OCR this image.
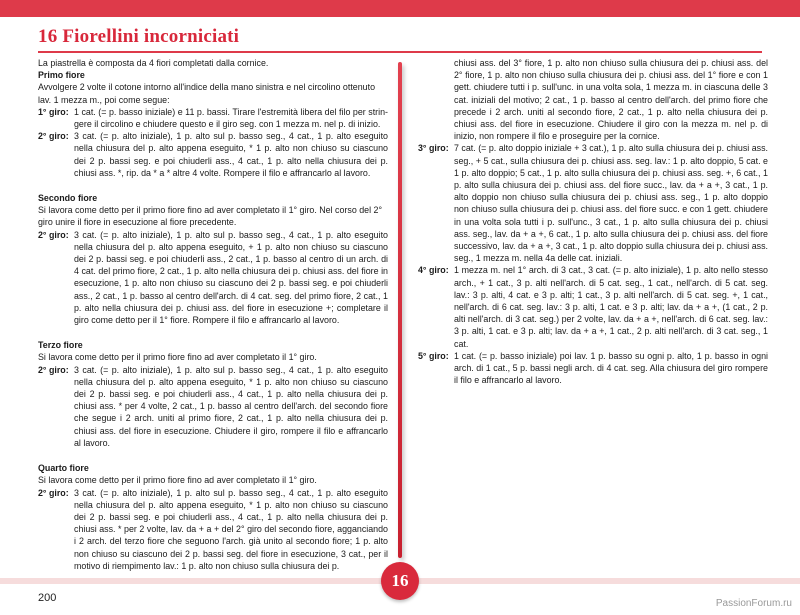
16 Fiorellini incorniciati

La piastrella è composta da 4 fiori completati dalla cornice.

Primo fiore

Avvolgere 2 volte il cotone intorno all'indice della mano sinistra e nel circolino ottenuto lav. 1 mezza m., poi come segue:

1° giro: 1 cat. (= p. basso iniziale) e 11 p. bassi. Tirare l'estremità libera del filo per stringere il circolino e chiudere questo e il giro seg. con 1 mezza m. nel p. di inizio.

2° giro: 3 cat. (= p. alto iniziale), 1 p. alto sul p. basso seg., 4 cat., 1 p. alto eseguito nella chiusura del p. alto appena eseguito, * 1 p. alto non chiuso su ciascuno dei 2 p. bassi seg. e poi chiuderli ass., 4 cat., 1 p. alto nella chiusura dei p. chiusi ass. *, rip. da * a * altre 4 volte. Rompere il filo e affrancarlo al lavoro.

Secondo fiore

Si lavora come detto per il primo fiore fino ad aver completato il 1° giro. Nel corso del 2° giro unire il fiore in esecuzione al fiore precedente.

2° giro: 3 cat. (= p. alto iniziale), 1 p. alto sul p. basso seg., 4 cat., 1 p. alto eseguito nella chiusura del p. alto appena eseguito, + 1 p. alto non chiuso su ciascuno dei 2 p. bassi seg. e poi chiuderli ass., 2 cat., 1 p. basso al centro di un arch. di 4 cat. del primo fiore, 2 cat., 1 p. alto nella chiusura dei p. chiusi ass. del fiore in esecuzione, 1 p. alto non chiuso su ciascuno dei 2 p. bassi seg. e poi chiuderli ass., 2 cat., 1 p. basso al centro dell'arch. di 4 cat. seg. del primo fiore, 2 cat., 1 p. alto nella chiusura dei p. chiusi ass. del fiore in esecuzione +; completare il giro come detto per il 1° fiore. Rompere il filo e affrancarlo al lavoro.

Terzo fiore

Si lavora come detto per il primo fiore fino ad aver completato il 1° giro.

2° giro: 3 cat. (= p. alto iniziale), 1 p. alto sul p. basso seg., 4 cat., 1 p. alto eseguito nella chiusura del p. alto appena eseguito, * 1 p. alto non chiuso su ciascuno dei 2 p. bassi seg. e poi chiuderli ass., 4 cat., 1 p. alto nella chiusura dei p. chiusi ass. * per 4 volte, 2 cat., 1 p. basso al centro dell'arch. del secondo fiore che segue i 2 arch. uniti al primo fiore, 2 cat., 1 p. alto nella chiusura dei p. chiusi ass. del fiore in esecuzione. Chiudere il giro, rompere il filo e affrancarlo al lavoro.

Quarto fiore

Si lavora come detto per il primo fiore fino ad aver completato il 1° giro.

2° giro: 3 cat. (= p. alto iniziale), 1 p. alto sul p. basso seg., 4 cat., 1 p. alto eseguito nella chiusura del p. alto appena eseguito, * 1 p. alto non chiuso su ciascuno dei 2 p. bassi seg. e poi chiuderli ass., 4 cat., 1 p. alto nella chiusura dei p. chiusi ass. * per 2 volte, lav. da + a + del 2° giro del secondo fiore, agganciando i 2 arch. del terzo fiore che seguono l'arch. già unito al secondo fiore; 1 p. alto non chiuso su ciascuno dei 2 p. bassi seg. del fiore in esecuzione, 3 cat., per il motivo di riempimento lav.: 1 p. alto non chiuso sulla chiusura dei p.

chiusi ass. del 3° fiore, 1 p. alto non chiuso sulla chiusura dei p. chiusi ass. del 2° fiore, 1 p. alto non chiuso sulla chiusura dei p. chiusi ass. del 1° fiore e con 1 gett. chiudere tutti i p. sull'unc. in una volta sola, 1 mezza m. in ciascuna delle 3 cat. iniziali del motivo; 2 cat., 1 p. basso al centro dell'arch. del primo fiore che precede i 2 arch. uniti al secondo fiore, 2 cat., 1 p. alto nella chiusura dei p. chiusi ass. del fiore in esecuzione. Chiudere il giro con la mezza m. nel p. di inizio, non rompere il filo e proseguire per la cornice.

3° giro: 7 cat. (= p. alto doppio iniziale + 3 cat.), 1 p. alto sulla chiusura dei p. chiusi ass. seg., + 5 cat., sulla chiusura dei p. chiusi ass. seg. lav.: 1 p. alto doppio, 5 cat. e 1 p. alto doppio; 5 cat., 1 p. alto sulla chiusura dei p. chiusi ass. seg. +, 6 cat., 1 p. alto sulla chiusura dei p. chiusi ass. del fiore succ., lav. da + a +, 3 cat., 1 p. alto doppio non chiuso sulla chiusura dei p. chiusi ass. seg., 1 p. alto doppio non chiuso sulla chiusura dei p. chiusi ass. del fiore succ. e con 1 gett. chiudere in una volta sola tutti i p. sull'unc., 3 cat., 1 p. alto sulla chiusura dei p. chiusi ass. seg., lav. da + a +, 6 cat., 1 p. alto sulla chiusura dei p. chiusi ass. del fiore successivo, lav. da + a +, 3 cat., 1 p. alto doppio sulla chiusura dei p. chiusi ass. seg., 1 mezza m. nella 4a delle cat. iniziali.

4° giro: 1 mezza m. nel 1° arch. di 3 cat., 3 cat. (= p. alto iniziale), 1 p. alto nello stesso arch., + 1 cat., 3 p. alti nell'arch. di 5 cat. seg., 1 cat., nell'arch. di 5 cat. seg. lav.: 3 p. alti, 4 cat. e 3 p. alti; 1 cat., 3 p. alti nell'arch. di 5 cat. seg. +, 1 cat., nell'arch. di 6 cat. seg. lav.: 3 p. alti, 1 cat. e 3 p. alti; lav. da + a +, (1 cat., 2 p. alti nell'arch. di 3 cat. seg.) per 2 volte, lav. da + a +, nell'arch. di 6 cat. seg. lav.: 3 p. alti, 1 cat. e 3 p. alti; lav. da + a +, 1 cat., 2 p. alti nell'arch. di 3 cat. seg., 1 cat.

5° giro: 1 cat. (= p. basso iniziale) poi lav. 1 p. basso su ogni p. alto, 1 p. basso in ogni arch. di 1 cat., 5 p. bassi negli arch. di 4 cat. seg. Alla chiusura del giro rompere il filo e affrancarlo al lavoro.

16
200	PassionForum.ru
